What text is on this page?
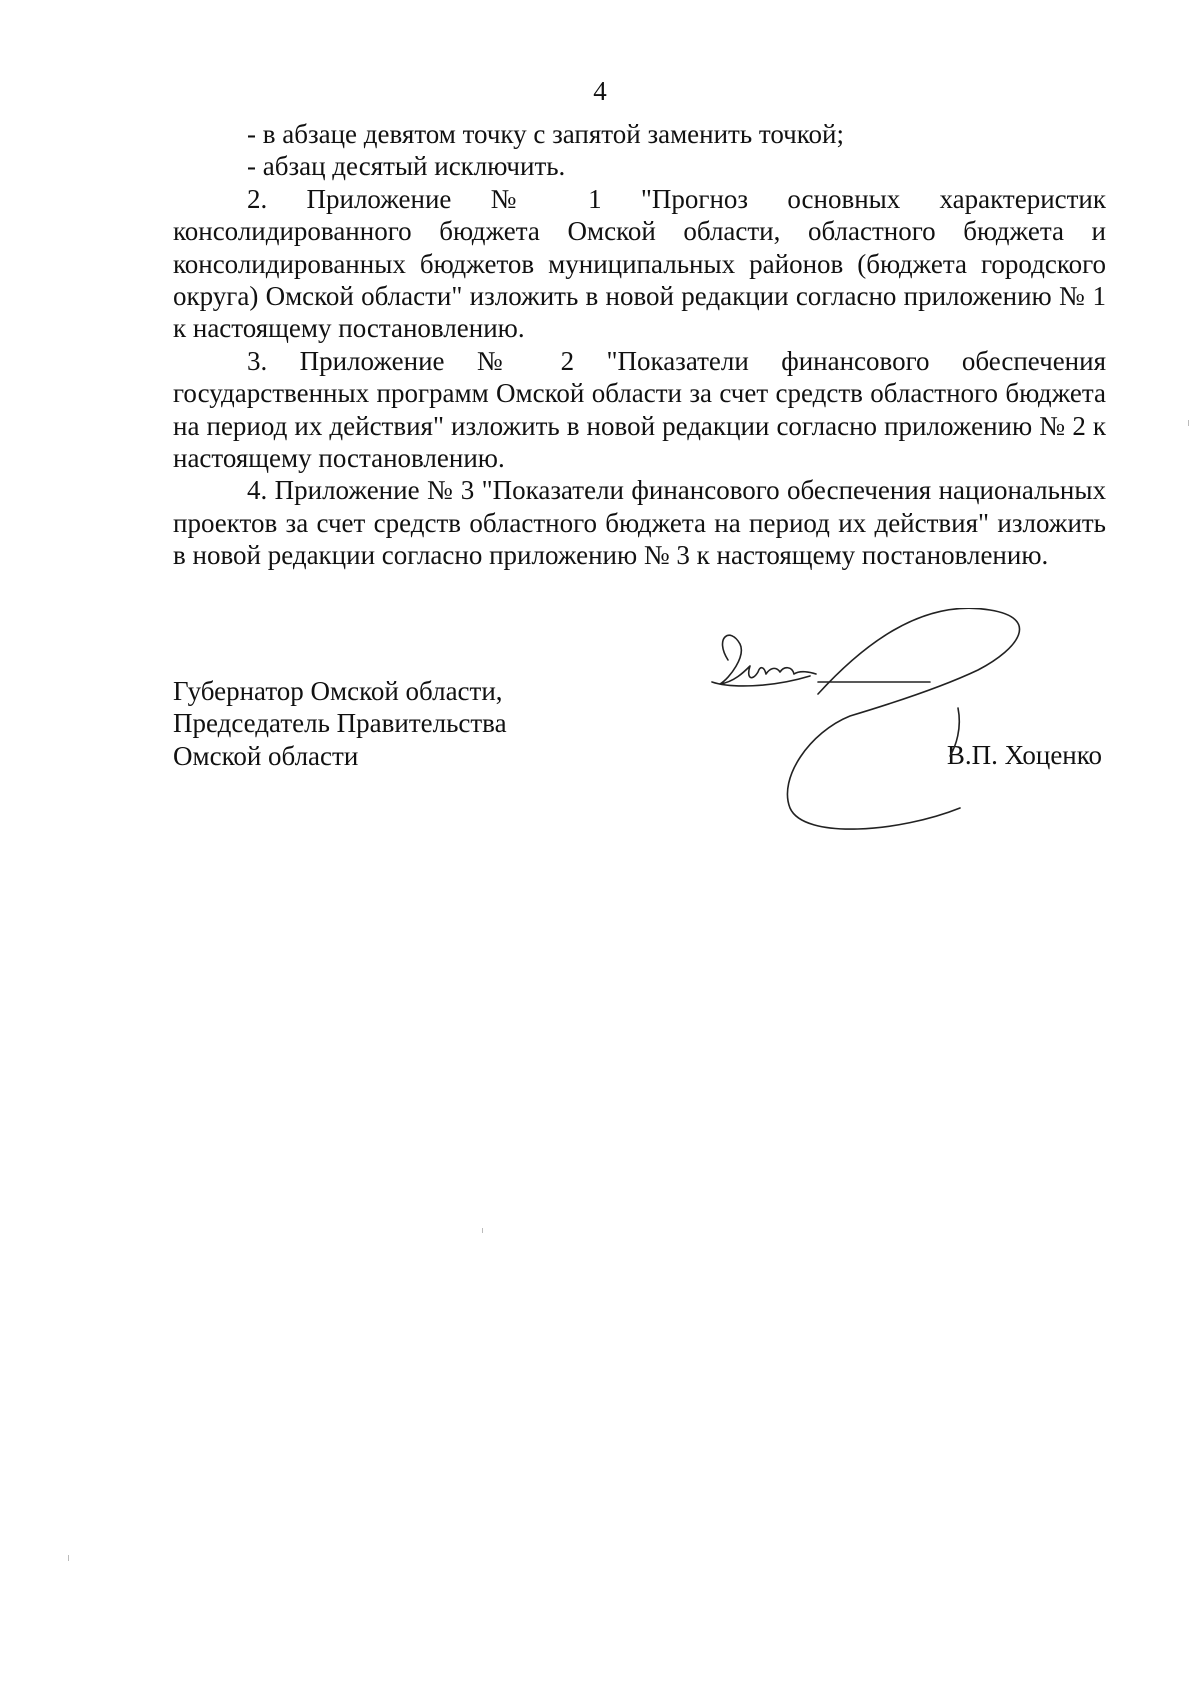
4

- в абзаце девятом точку с запятой заменить точкой;

- абзац десятый исключить.

2. Приложение № 1 "Прогноз основных характеристик консолидированного бюджета Омской области, областного бюджета и консолидированных бюджетов муниципальных районов (бюджета городского округа) Омской области" изложить в новой редакции согласно приложению № 1 к настоящему постановлению.

3. Приложение № 2 "Показатели финансового обеспечения государственных программ Омской области за счет средств областного бюджета на период их действия" изложить в новой редакции согласно приложению № 2 к настоящему постановлению.

4. Приложение № 3 "Показатели финансового обеспечения национальных проектов за счет средств областного бюджета на период их действия" изложить в новой редакции согласно приложению № 3 к настоящему постановлению.

Губернатор Омской области,
Председатель Правительства
Омской области	В.П. Хоценко
